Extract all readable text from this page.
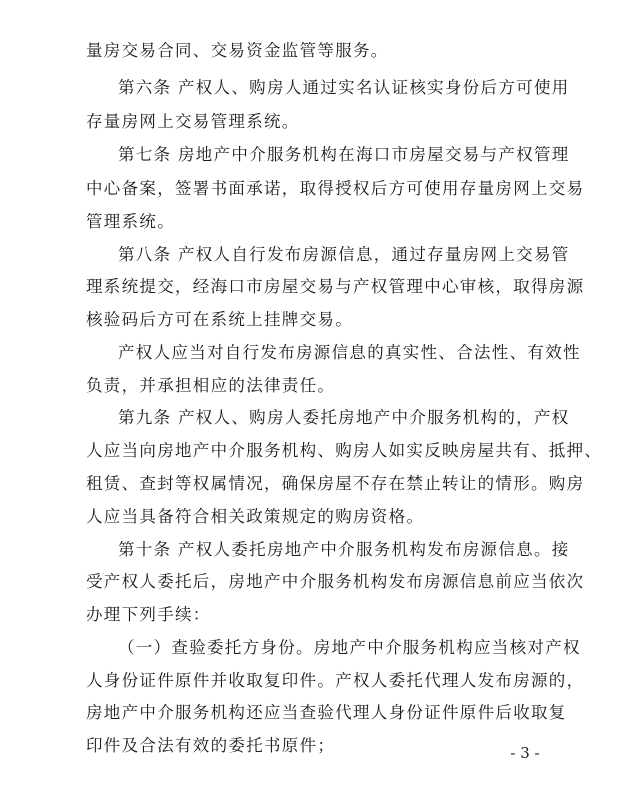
量房交易合同、交易资金监管等服务。
第六条 产权人、购房人通过实名认证核实身份后方可使用
存量房网上交易管理系统。
第七条 房地产中介服务机构在海口市房屋交易与产权管理
中心备案，签署书面承诺，取得授权后方可使用存量房网上交易
管理系统。
第八条 产权人自行发布房源信息，通过存量房网上交易管
理系统提交，经海口市房屋交易与产权管理中心审核，取得房源
核验码后方可在系统上挂牌交易。
产权人应当对自行发布房源信息的真实性、合法性、有效性
负责，并承担相应的法律责任。
第九条 产权人、购房人委托房地产中介服务机构的，产权
人应当向房地产中介服务机构、购房人如实反映房屋共有、抵押、
租赁、查封等权属情况，确保房屋不存在禁止转让的情形。购房
人应当具备符合相关政策规定的购房资格。
第十条 产权人委托房地产中介服务机构发布房源信息。接
受产权人委托后，房地产中介服务机构发布房源信息前应当依次
办理下列手续：
（一）查验委托方身份。房地产中介服务机构应当核对产权
人身份证件原件并收取复印件。产权人委托代理人发布房源的，
房地产中介服务机构还应当查验代理人身份证件原件后收取复
印件及合法有效的委托书原件；	- 3 -
